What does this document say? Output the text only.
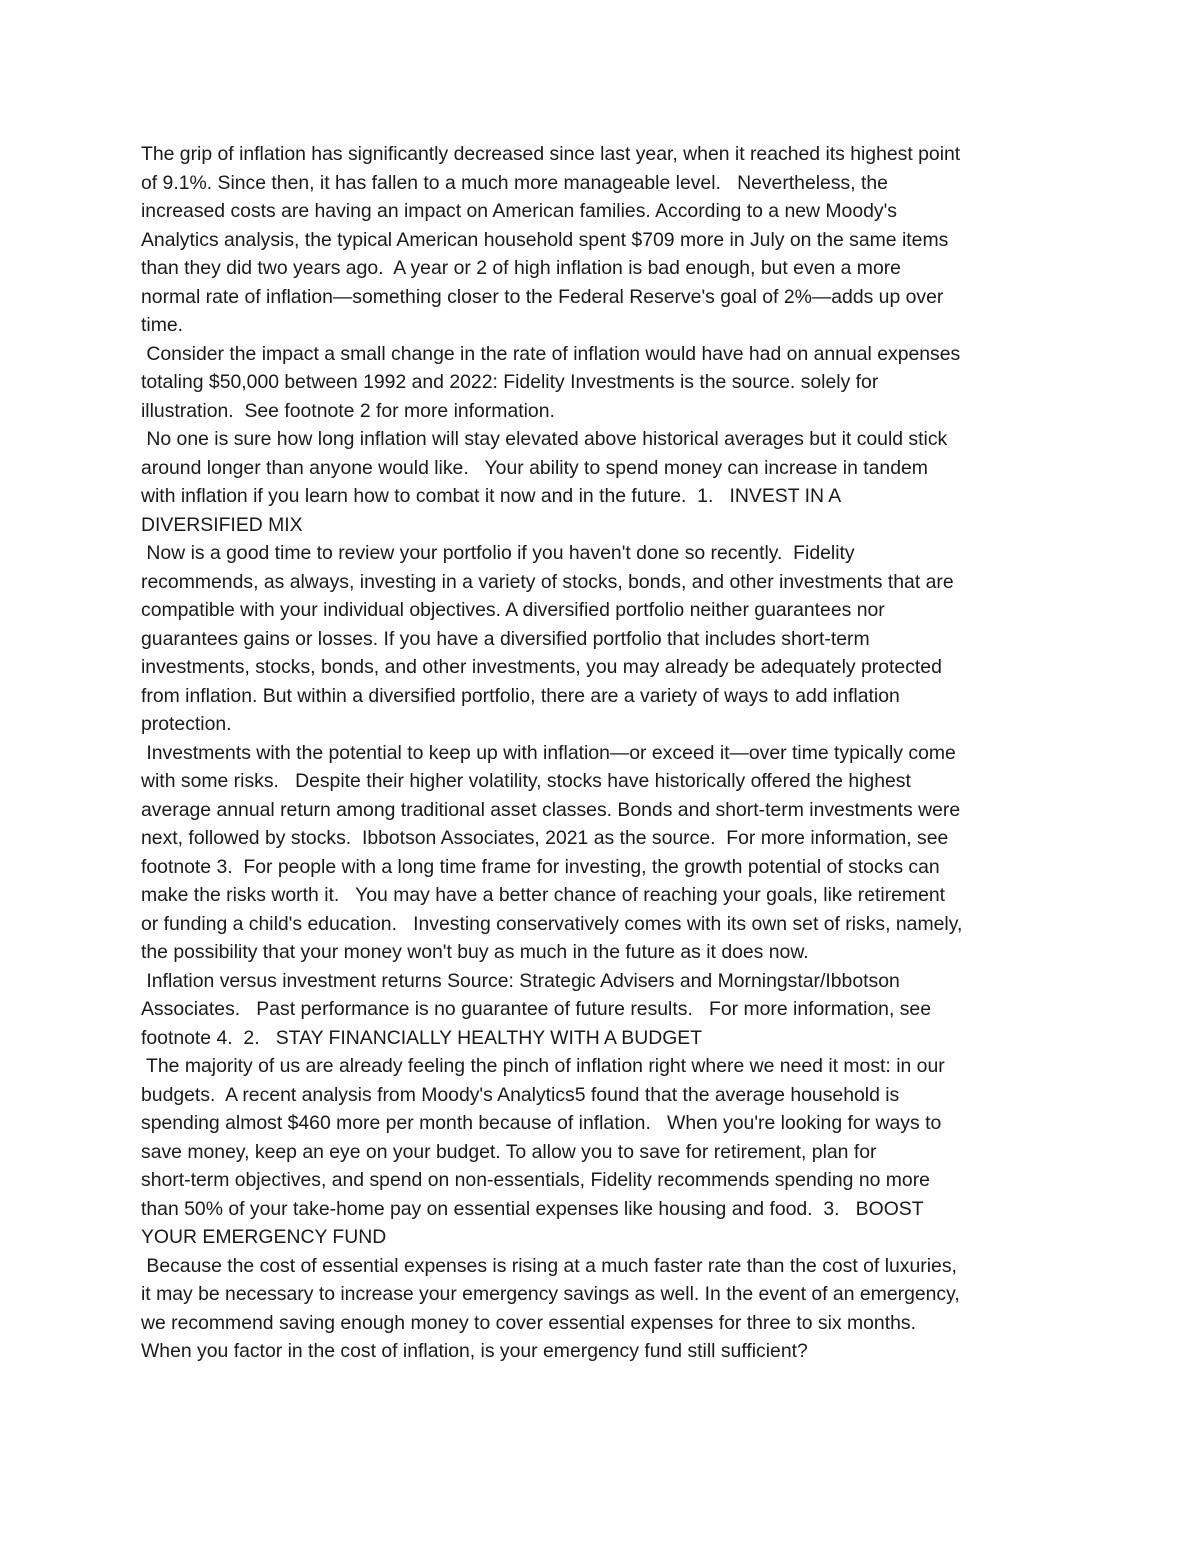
The grip of inflation has significantly decreased since last year, when it reached its highest point
of 9.1%. Since then, it has fallen to a much more manageable level.   Nevertheless, the
increased costs are having an impact on American families. According to a new Moody's
Analytics analysis, the typical American household spent $709 more in July on the same items
than they did two years ago.  A year or 2 of high inflation is bad enough, but even a more
normal rate of inflation—something closer to the Federal Reserve's goal of 2%—adds up over
time.
Consider the impact a small change in the rate of inflation would have had on annual expenses
totaling $50,000 between 1992 and 2022: Fidelity Investments is the source. solely for
illustration.  See footnote 2 for more information.
No one is sure how long inflation will stay elevated above historical averages but it could stick
around longer than anyone would like.   Your ability to spend money can increase in tandem
with inflation if you learn how to combat it now and in the future.  1.   INVEST IN A
DIVERSIFIED MIX
Now is a good time to review your portfolio if you haven't done so recently.  Fidelity
recommends, as always, investing in a variety of stocks, bonds, and other investments that are
compatible with your individual objectives. A diversified portfolio neither guarantees nor
guarantees gains or losses. If you have a diversified portfolio that includes short-term
investments, stocks, bonds, and other investments, you may already be adequately protected
from inflation. But within a diversified portfolio, there are a variety of ways to add inflation
protection.
Investments with the potential to keep up with inflation—or exceed it—over time typically come
with some risks.   Despite their higher volatility, stocks have historically offered the highest
average annual return among traditional asset classes. Bonds and short-term investments were
next, followed by stocks.  Ibbotson Associates, 2021 as the source.  For more information, see
footnote 3.  For people with a long time frame for investing, the growth potential of stocks can
make the risks worth it.   You may have a better chance of reaching your goals, like retirement
or funding a child's education.   Investing conservatively comes with its own set of risks, namely,
the possibility that your money won't buy as much in the future as it does now.
Inflation versus investment returns Source: Strategic Advisers and Morningstar/Ibbotson
Associates.   Past performance is no guarantee of future results.   For more information, see
footnote 4.  2.   STAY FINANCIALLY HEALTHY WITH A BUDGET
The majority of us are already feeling the pinch of inflation right where we need it most: in our
budgets.  A recent analysis from Moody's Analytics5 found that the average household is
spending almost $460 more per month because of inflation.   When you're looking for ways to
save money, keep an eye on your budget. To allow you to save for retirement, plan for
short-term objectives, and spend on non-essentials, Fidelity recommends spending no more
than 50% of your take-home pay on essential expenses like housing and food.  3.   BOOST
YOUR EMERGENCY FUND
Because the cost of essential expenses is rising at a much faster rate than the cost of luxuries,
it may be necessary to increase your emergency savings as well. In the event of an emergency,
we recommend saving enough money to cover essential expenses for three to six months.
When you factor in the cost of inflation, is your emergency fund still sufficient?
